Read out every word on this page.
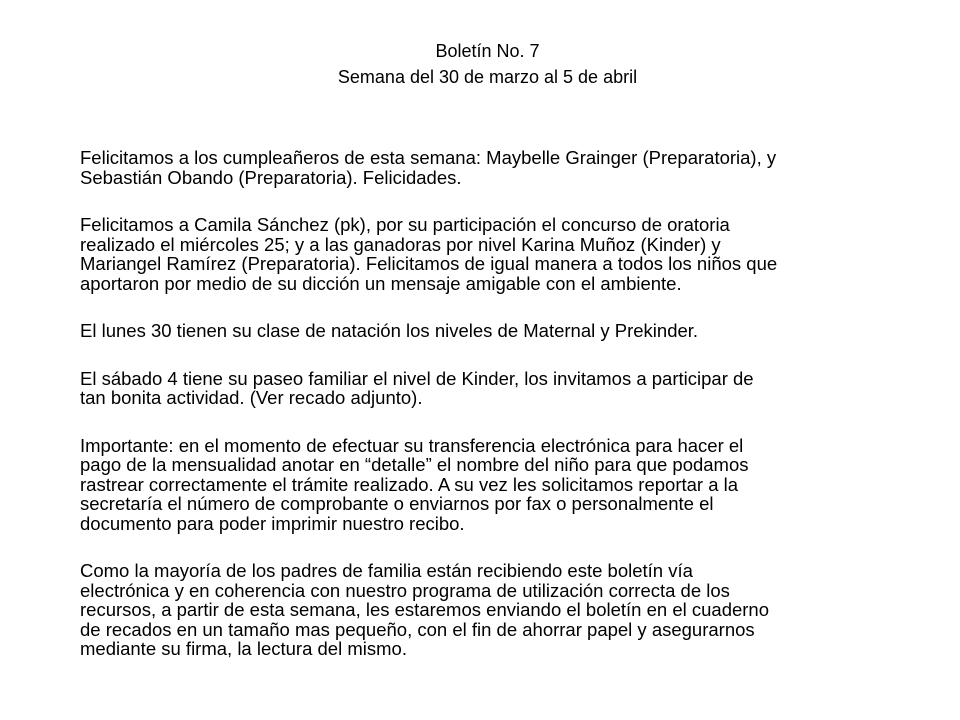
Boletín No. 7
Semana del 30 de marzo al 5 de abril

Felicitamos a los cumpleañeros de esta semana: Maybelle Grainger (Preparatoria), y
Sebastián Obando (Preparatoria). Felicidades.

Felicitamos a Camila Sánchez (pk), por su participación el concurso de oratoria
realizado el miércoles 25; y a las ganadoras por nivel Karina Muñoz (Kinder) y
Mariangel Ramírez (Preparatoria). Felicitamos de igual manera a todos los niños que
aportaron por medio de su dicción un mensaje amigable con el ambiente.

El lunes 30 tienen su clase de natación los niveles de Maternal y Prekinder.

El sábado 4 tiene su paseo familiar el nivel de Kinder, los invitamos a participar de
tan bonita actividad. (Ver recado adjunto).

Importante: en el momento de efectuar su transferencia electrónica para hacer el
pago de la mensualidad anotar en “detalle” el nombre del niño para que podamos
rastrear correctamente el trámite realizado. A su vez les solicitamos reportar a la
secretaría el número de comprobante o enviarnos por fax o personalmente el
documento para poder imprimir nuestro recibo.

Como la mayoría de los padres de familia están recibiendo este boletín vía
electrónica y en coherencia con nuestro programa de utilización correcta de los
recursos, a partir de esta semana, les estaremos enviando el boletín en el cuaderno
de recados en un tamaño mas pequeño, con el fin de ahorrar papel y asegurarnos
mediante su firma, la lectura del mismo.
